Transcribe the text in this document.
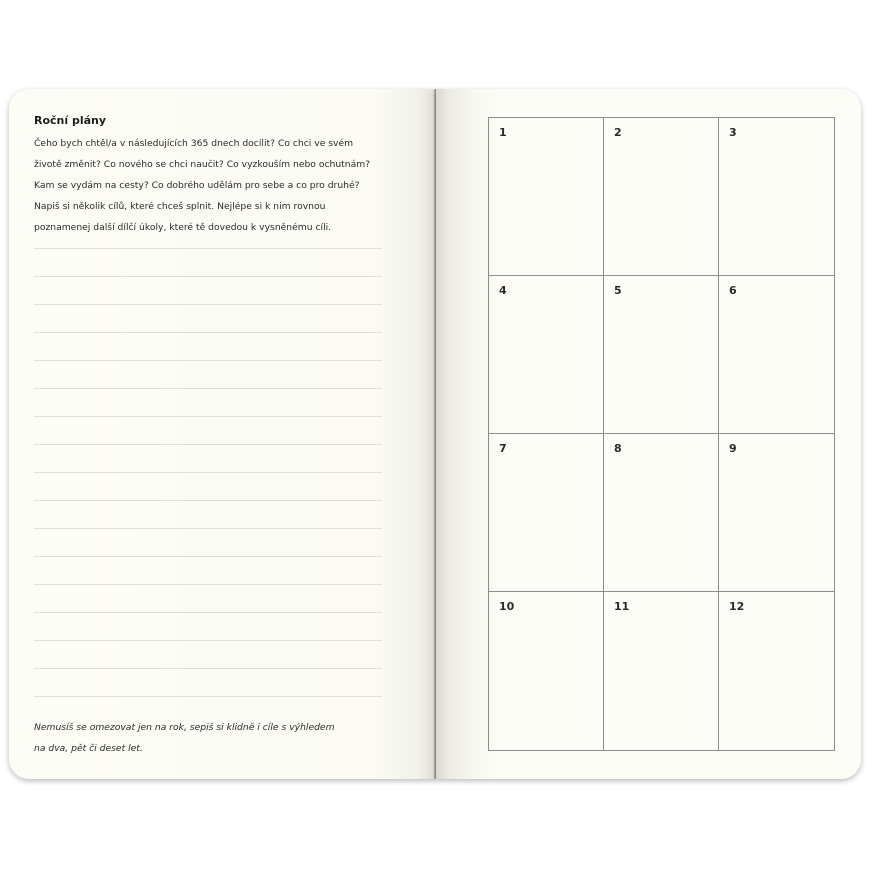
Roční plány

Čeho bych chtěl/a v následujících 365 dnech docílit? Co chci ve svém
životě změnit? Co nového se chci naučit? Co vyzkouším nebo ochutnám?
Kam se vydám na cesty? Co dobrého udělám pro sebe a co pro druhé?
Napiš si několik cílů, které chceš splnit. Nejlépe si k nim rovnou
poznamenej další dílčí úkoly, které tě dovedou k vysněnému cíli.

Nemusíš se omezovat jen na rok, sepiš si klidně i cíle s výhledem
na dva, pět či deset let.

1	2	3
4	5	6
7	8	9
10	11	12
